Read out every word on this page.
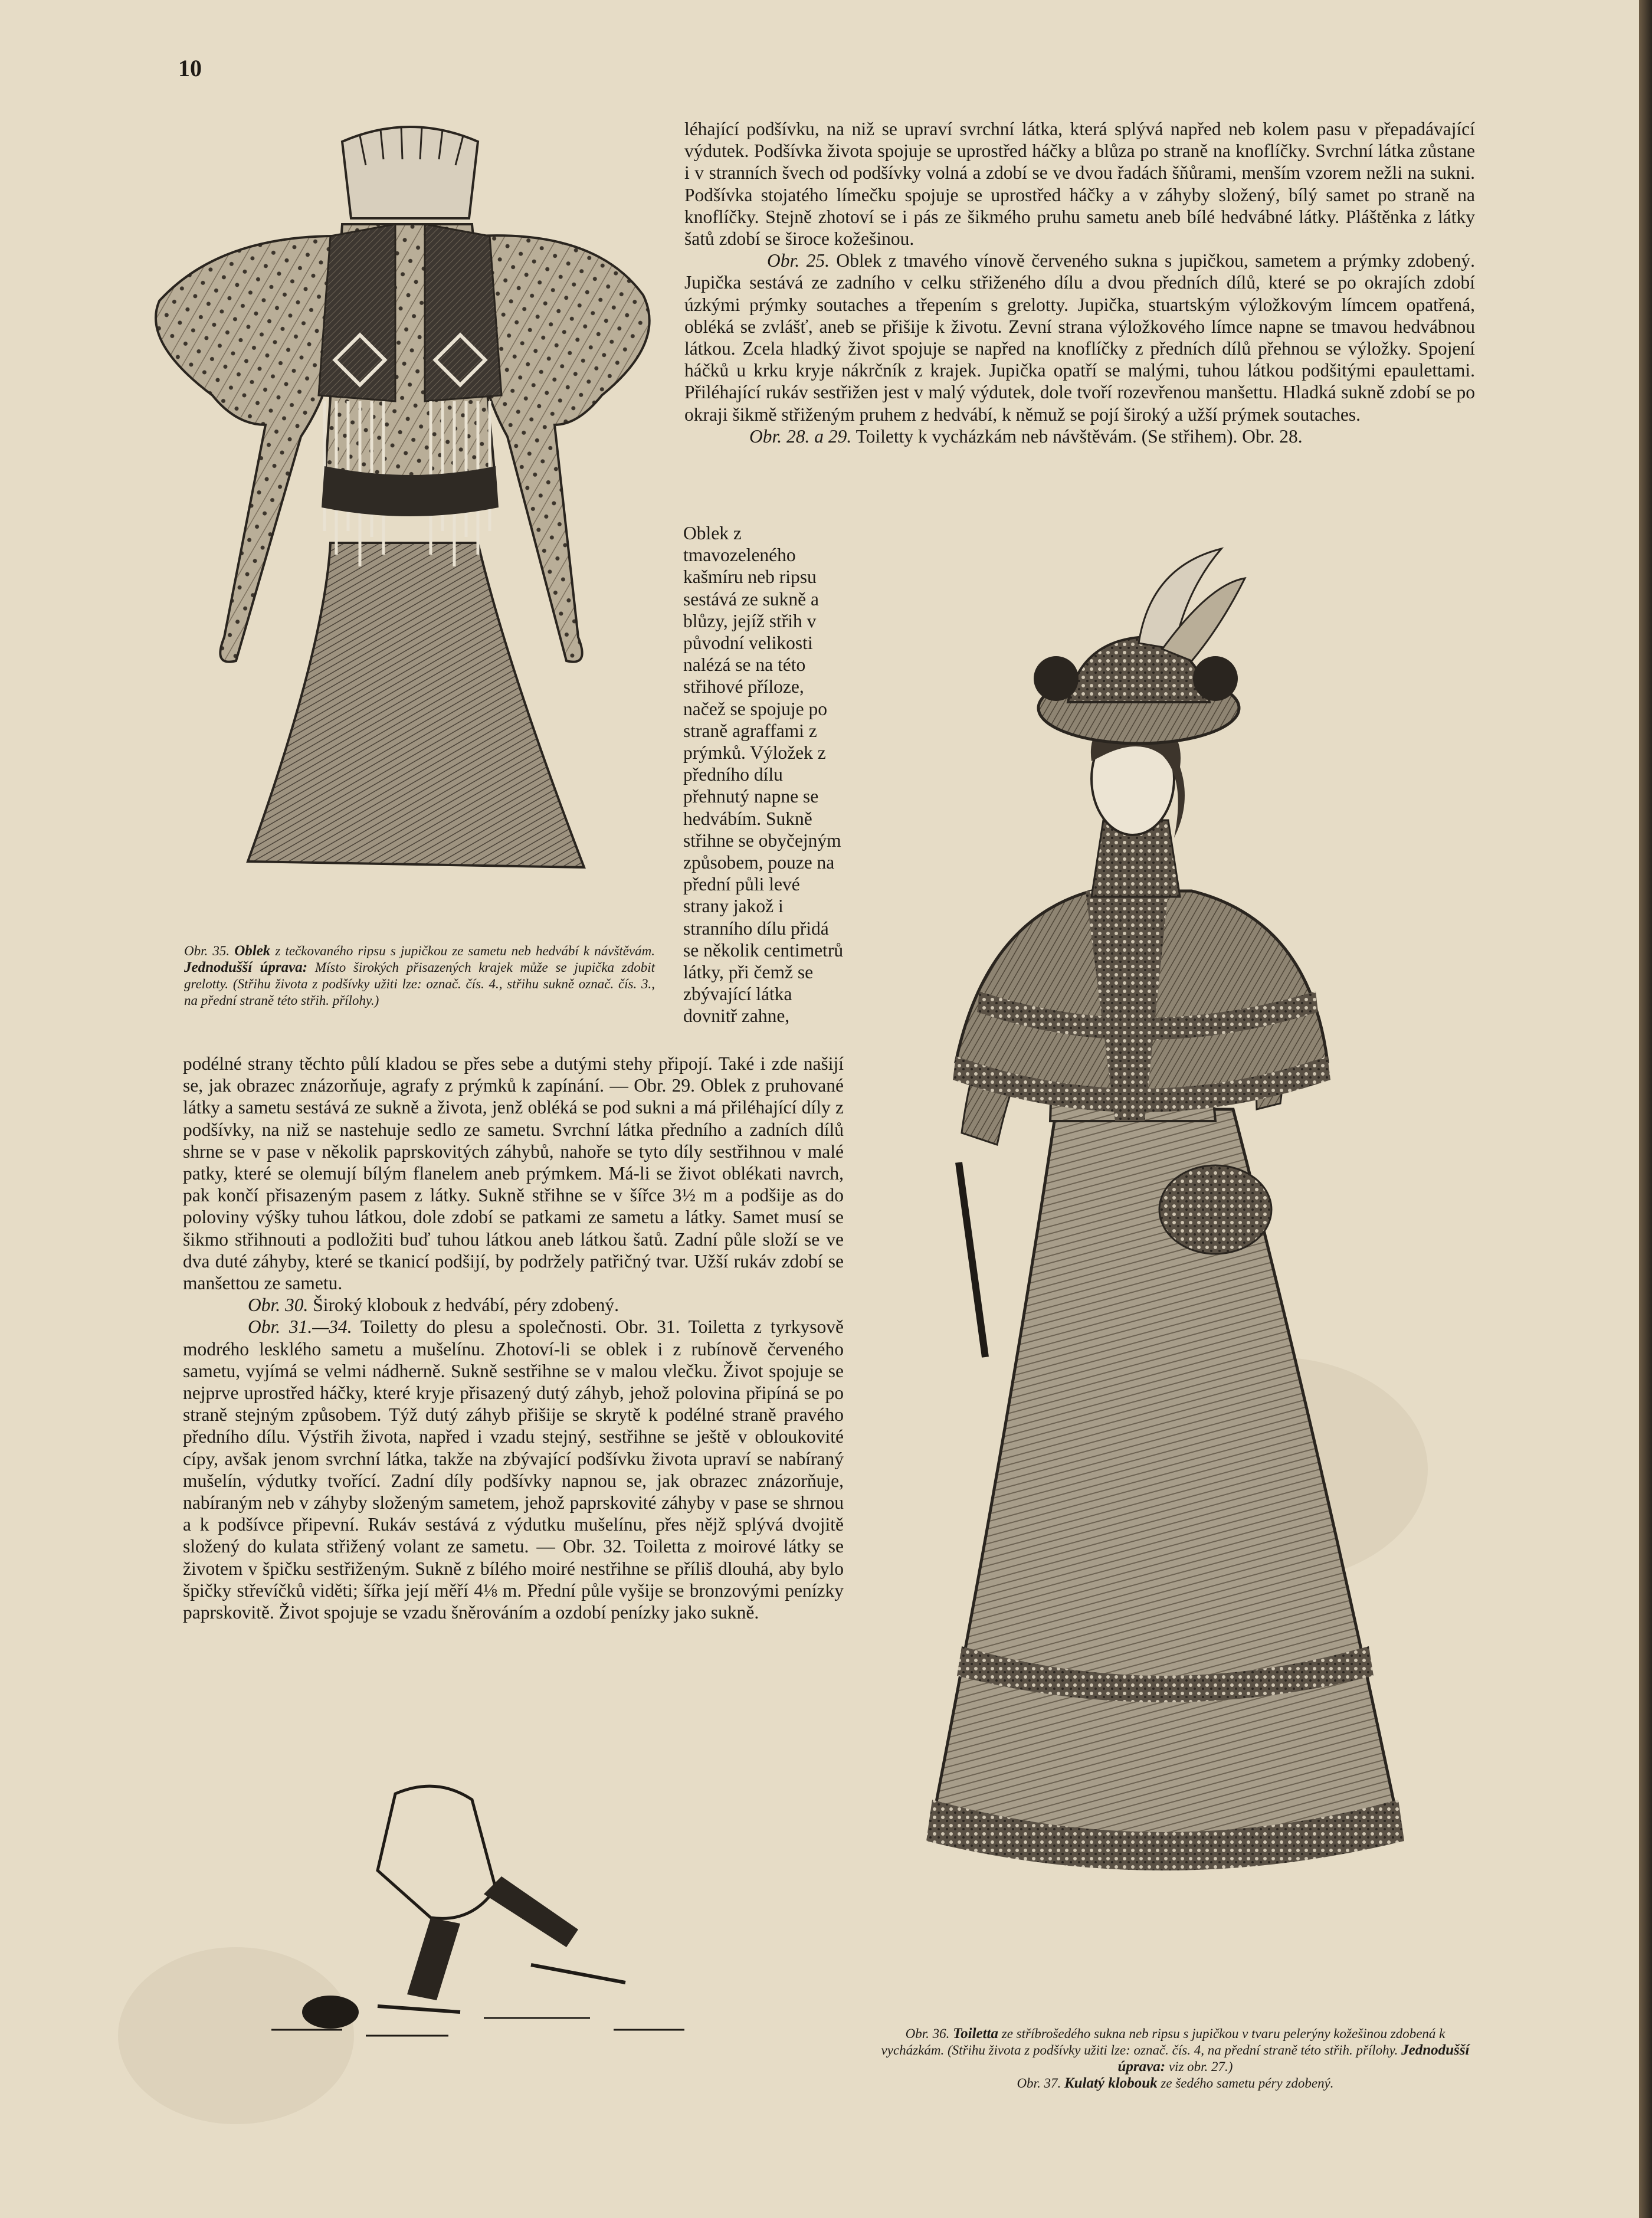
10

léhající podšívku, na niž se upraví svrchní látka, která splývá napřed neb kolem pasu v přepadávající výdutek. Podšívka života spojuje se uprostřed háčky a blůza po straně na knoflíčky. Svrchní látka zůstane i v stranních švech od podšívky volná a zdobí se ve dvou řadách šňůrami, menším vzorem nežli na sukni. Podšívka stojatého límečku spojuje se uprostřed háčky a v záhyby složený, bílý samet po straně na knoflíčky. Stejně zhotoví se i pás ze šikmého pruhu sametu aneb bílé hedvábné látky. Pláštěnka z látky šatů zdobí se široce kožešinou.

Obr. 25. Oblek z tmavého vínově červeného sukna s jupičkou, sametem a prýmky zdobený. Jupička sestává ze zadního v celku střiženého dílu a dvou předních dílů, které se po okrajích zdobí úzkými prýmky soutaches a třepením s grelotty. Jupička, stuartským výložkovým límcem opatřená, obléká se zvlášť, aneb se přišije k životu. Zevní strana výložkového límce napne se tmavou hedvábnou látkou. Zcela hladký život spojuje se napřed na knoflíčky z předních dílů přehnou se výložky. Spojení háčků u krku kryje nákrčník z krajek. Jupička opatří se malými, tuhou látkou podšitými epaulettami. Přiléhající rukáv sestřižen jest v malý výdutek, dole tvoří rozevřenou manšettu. Hladká sukně zdobí se po okraji šikmě střiženým pruhem z hedvábí, k němuž se pojí široký a užší prýmek soutaches.

Obr. 28. a 29. Toiletty k vycházkám neb návštěvám. (Se střihem). Obr. 28.

Oblek z tmavozeleného kašmíru neb ripsu sestává ze sukně a blůzy, jejíž střih v původní velikosti nalézá se na této střihové příloze, načež se spojuje po straně agraffami z prýmků. Výložek z předního dílu přehnutý napne se hedvábím. Sukně střihne se obyčejným způsobem, pouze na přední půli levé strany jakož i stranního dílu přidá se několik centimetrů látky, při čemž se zbývající látka dovnitř zahne,

podélné strany těchto půlí kladou se přes sebe a dutými stehy připojí. Také i zde našijí se, jak obrazec znázorňuje, agrafy z prýmků k zapínání. — Obr. 29. Oblek z pruhované látky a sametu sestává ze sukně a života, jenž obléká se pod sukni a má přiléhající díly z podšívky, na niž se nastehuje sedlo ze sametu. Svrchní látka předního a zadních dílů shrne se v pase v několik paprskovitých záhybů, nahoře se tyto díly sestřihnou v malé patky, které se olemují bílým flanelem aneb prýmkem. Má-li se život oblékati navrch, pak končí přisazeným pasem z látky. Sukně střihne se v šířce 3½ m a podšije as do poloviny výšky tuhou látkou, dole zdobí se patkami ze sametu a látky. Samet musí se šikmo střihnouti a podložiti buď tuhou látkou aneb látkou šatů. Zadní půle složí se ve dva duté záhyby, které se tkanicí podšijí, by podržely patřičný tvar. Užší rukáv zdobí se manšettou ze sametu.

Obr. 30. Široký klobouk z hedvábí, péry zdobený.

Obr. 31.—34. Toiletty do plesu a společnosti. Obr. 31. Toiletta z tyrkysově modrého lesklého sametu a mušelínu. Zhotoví-li se oblek i z rubínově červeného sametu, vyjímá se velmi nádherně. Sukně sestřihne se v malou vlečku. Život spojuje se nejprve uprostřed háčky, které kryje přisazený dutý záhyb, jehož polovina připíná se po straně stejným způsobem. Týž dutý záhyb přišije se skrytě k podélné straně pravého předního dílu. Výstřih života, napřed i vzadu stejný, sestřihne se ještě v obloukovité cípy, avšak jenom svrchní látka, takže na zbývající podšívku života upraví se nabíraný mušelín, výdutky tvořící. Zadní díly podšívky napnou se, jak obrazec znázorňuje, nabíraným neb v záhyby složeným sametem, jehož paprskovité záhyby v pase se shrnou a k podšívce připevní. Rukáv sestává z výdutku mušelínu, přes nějž splývá dvojitě složený do kulata střižený volant ze sametu. — Obr. 32. Toiletta z moirové látky se životem v špičku sestřiženým. Sukně z bílého moiré nestřihne se příliš dlouhá, aby bylo špičky střevíčků viděti; šířka její měří 4⅛ m. Přední půle vyšije se bronzovými penízky paprskovitě. Život spojuje se vzadu šněrováním a ozdobí penízky jako sukně.

Obr. 35. Oblek z tečkovaného ripsu s jupičkou ze sametu neb hedvábí k návštěvám. Jednodušší úprava: Místo širokých přisazených krajek může se jupička zdobit grelotty. (Střihu života z podšívky užiti lze: označ. čís. 4., střihu sukně označ. čís. 3., na přední straně této střih. přílohy.)
Obr. 36. Toiletta ze stříbrošedého sukna neb ripsu s jupičkou v tvaru pelerýny kožešinou zdobená k vycházkám. (Střihu života z podšívky užiti lze: označ. čís. 4, na přední straně této střih. přílohy. Jednodušší úprava: viz obr. 27.)
Obr. 37. Kulatý klobouk ze šedého sametu péry zdobený.
